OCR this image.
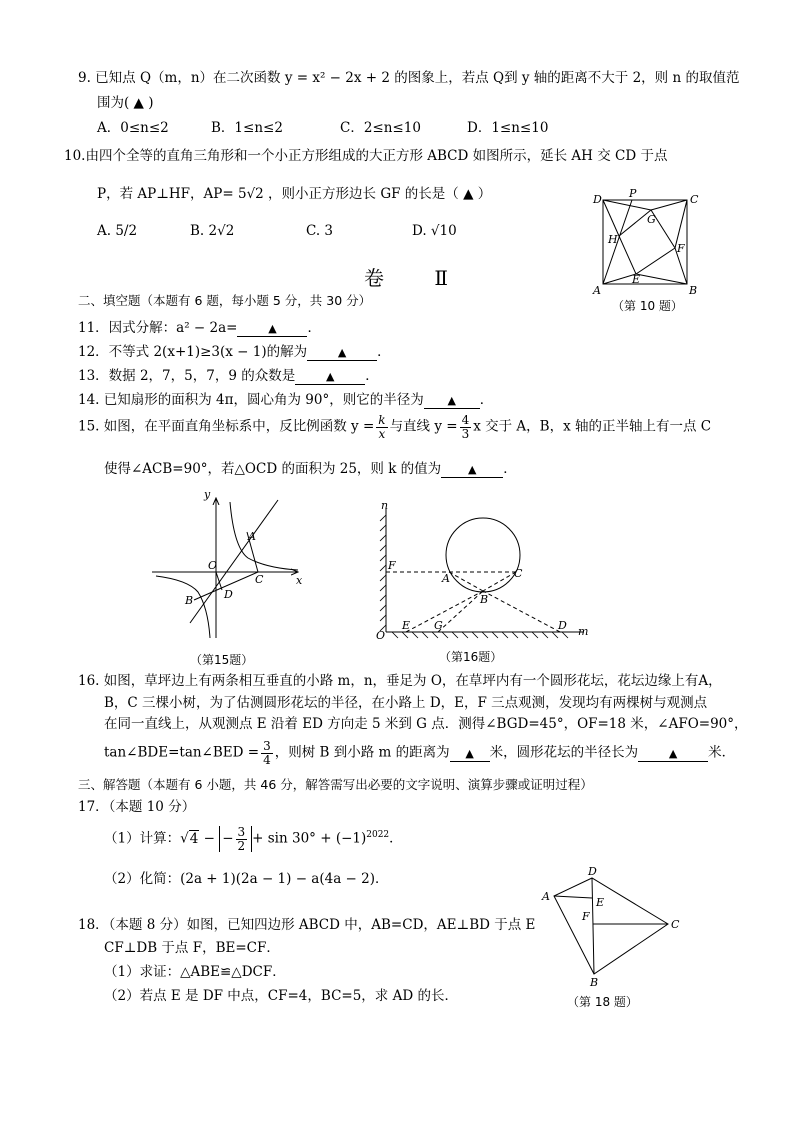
9. 已知点 Q（m，n）在二次函数 y = x² − 2x + 2 的图象上，若点 Q到 y 轴的距离不大于 2，则 n 的取值范
围为( ▲ )
A．0≤n≤2	B．1≤n≤2	C．2≤n≤10	D．1≤n≤10
10.由四个全等的直角三角形和一个小正方形组成的大正方形 ABCD 如图所示，延长 AH 交 CD 于点
P，若 AP⊥HF，AP= 5√2 ，则小正方形边长 GF 的长是（ ▲ ）
A. 5/2	B. 2√2	C. 3	D. √10
D P	C
G
H
F
E
A	B
（第 10 题）
卷 Ⅱ
二、填空题（本题有 6 题，每小题 5 分，共 30 分）
11．因式分解：a² − 2a=	▲ ．
12．不等式 2(x+1)≥3(x − 1)的解为	▲ ．
13．数据 2，7，5，7，9 的众数是	▲ ．
14. 已知扇形的面积为 4π，圆心角为 90°，则它的半径为 ▲ ．
15. 如图，在平面直角坐标系中，反比例函数 $y = \frac{k}{x}$ 与直线 $y = \frac{4}{3}$ x 交于 A，B，x 轴的正半轴上有一点 C
使得∠ACB=90°，若△OCD 的面积为 25，则 k 的值为 ▲ ．
y
A
O
C	x
B	D
（第15题）
n
F
A	C
B
E G	D m
O
（第16题）
16. 如图，草坪边上有两条相互垂直的小路 m，n，垂足为 O，在草坪内有一个圆形花坛，花坛边缘上有A，
B，C 三棵小树，为了估测圆形花坛的半径，在小路上 D，E，F 三点观测，发现均有两棵树与观测点
在同一直线上，从观测点 E 沿着 ED 方向走 5 米到 G 点．测得∠BGD=45°，OF=18 米，∠AFO=90°，
tan∠BDE=tan∠BED = $\frac{3}{4}$ ，则树 B 到小路 m 的距离为 ▲ 米，圆形花坛的半径长为	▲ 米．
三、解答题（本题有 6 小题，共 46 分，解答需写出必要的文字说明、演算步骤或证明过程）
17．（本题 10 分）
（1）计算：√4 − − $\frac{3}{2} + \sin 30^\circ + (-1)^{2022}$．
（2）化简：(2a + 1)(2a − 1) − a(4a − 2)．
18．（本题 8 分）如图，已知四边形 ABCD 中，AB=CD，AE⊥BD 于点 E
CF⊥DB 于点 F，BE=CF．
（1）求证：△ABE≌△DCF．
（2）若点 E 是 DF 中点，CF=4，BC=5，求 AD 的长．
D
A	E
F
C
B
（第 18 题）
